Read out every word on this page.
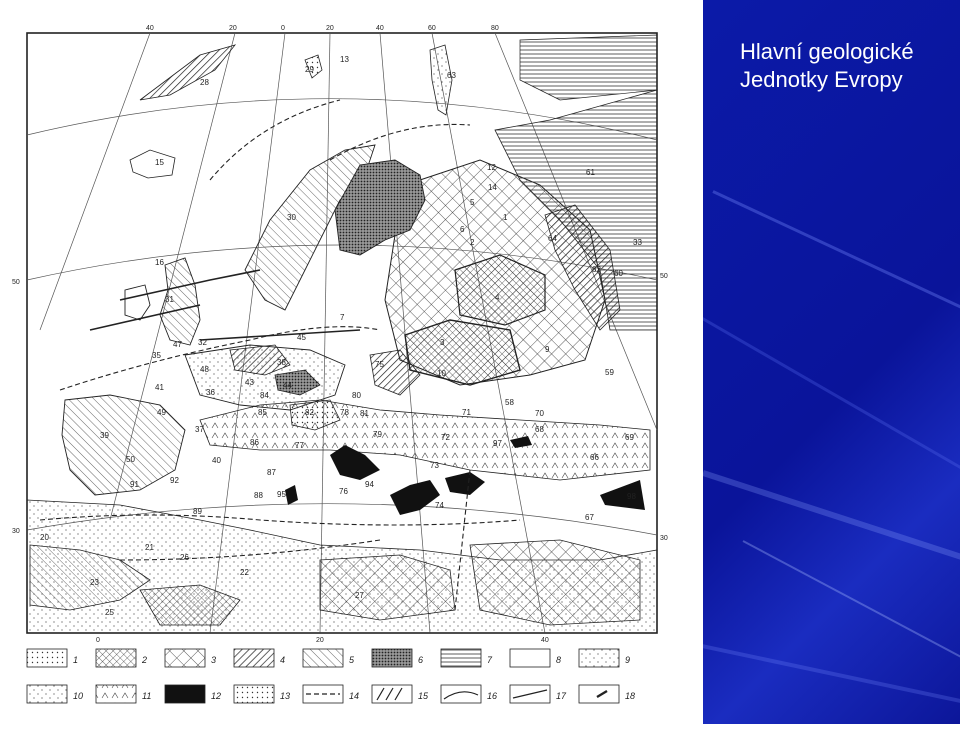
40	20	0	20	40	60	80
0	20	40
50
30
50
30
1
2
3
4
5
6
7
9
10
12
13
14
15
16
20
21
22
23
25
26
27
28
29
30
31
32
33
35
36
37
38
39
40
41
43	44
45
47
48
49
50
58
59
60
61
62
63
64
66
67
68
69
70
71
72
73
74
75
76
77
78
79
80
81
82
84
85
86
87
88
89
91	92	94
95
97
98
1	2	3	4	5	6	7	8	9
10	11	12	13	14	15	16	17	18
Hlavní geologické
Jednotky Evropy
